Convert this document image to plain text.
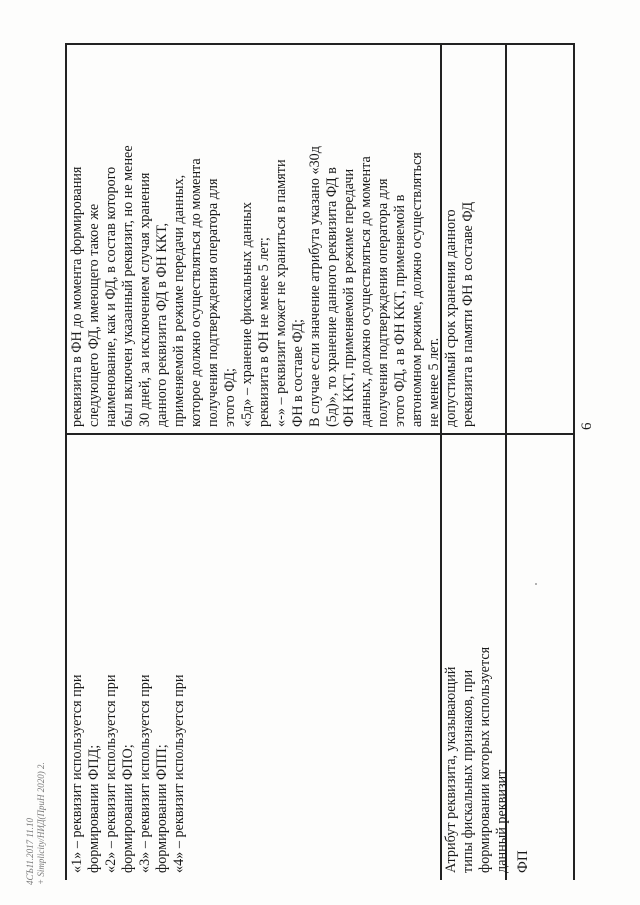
допустимый срок хранения данного реквизита в памяти ФН в составе ФД
реквизита в ФН до момента формирования следующего ФД, имеющего такое же наименование, как и ФД, в состав которого был включен указанный реквизит, но не менее 30 дней, за исключением случая хранения данного реквизита ФД в ФН ККТ, применяемой в режиме передачи данных, которое должно осуществляться до момента получения подтверждения оператора для этого ФД; «5д» – хранение фискальных данных реквизита в ФН не менее 5 лет; «-» – реквизит может не храниться в памяти ФН в составе ФД; В случае если значение атрибута указано «30д (5д)», то хранение данного реквизита ФД в ФН ККТ, применяемой в режиме передачи данных, должно осуществляться до момента получения подтверждения оператора для этого ФД, а в ФН ККТ, применяемой в автономном режиме, должно осуществляться не менее 5 лет.
ФП
Атрибут реквизита, указывающий типы фискальных признаков, при формировании которых используется данный реквизит
«1» – реквизит используется при формировании ФПД; «2» – реквизит используется при формировании ФПО; «3» – реквизит используется при формировании ФПП; «4» – реквизит используется при
6
4СЪ11.2017 11.10 + Simplicity/НИД(ПриН 2020) 2.
